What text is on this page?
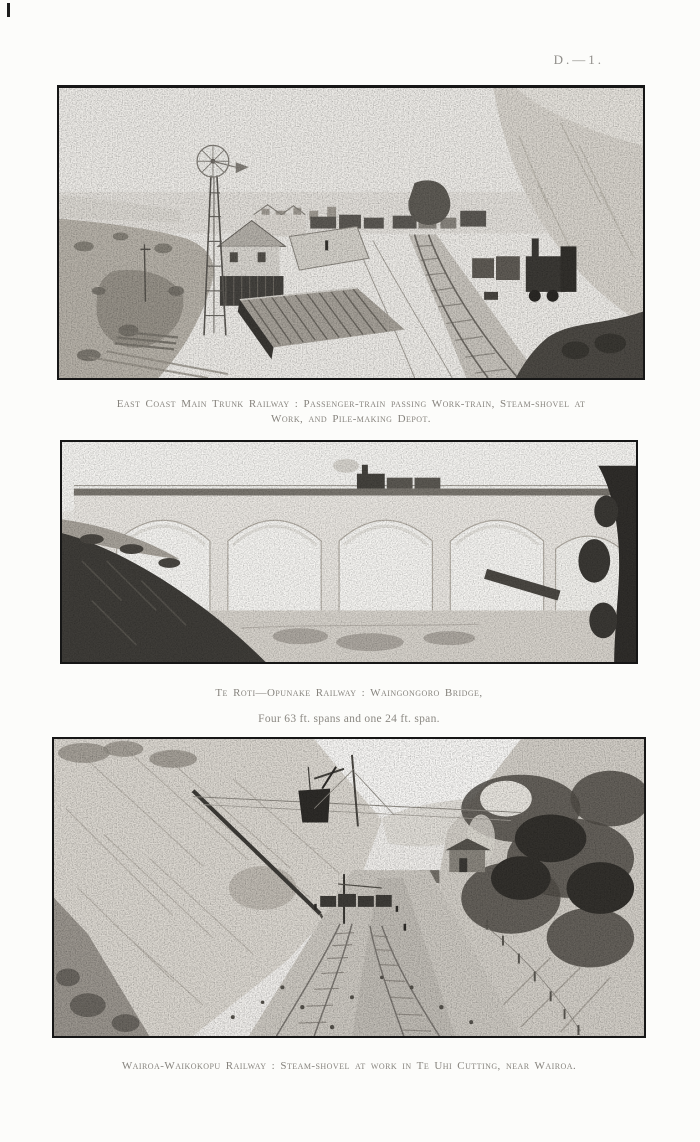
D.—1.

East Coast Main Trunk Railway : Passenger-train passing Work-train, Steam-shovel at
Work, and Pile-making Depot.

Te Roti—Opunake Railway : Waingongoro Bridge,

Four 63 ft. spans and one 24 ft. span.

Wairoa-Waikokopu Railway : Steam-shovel at work in Te Uhi Cutting, near Wairoa.
